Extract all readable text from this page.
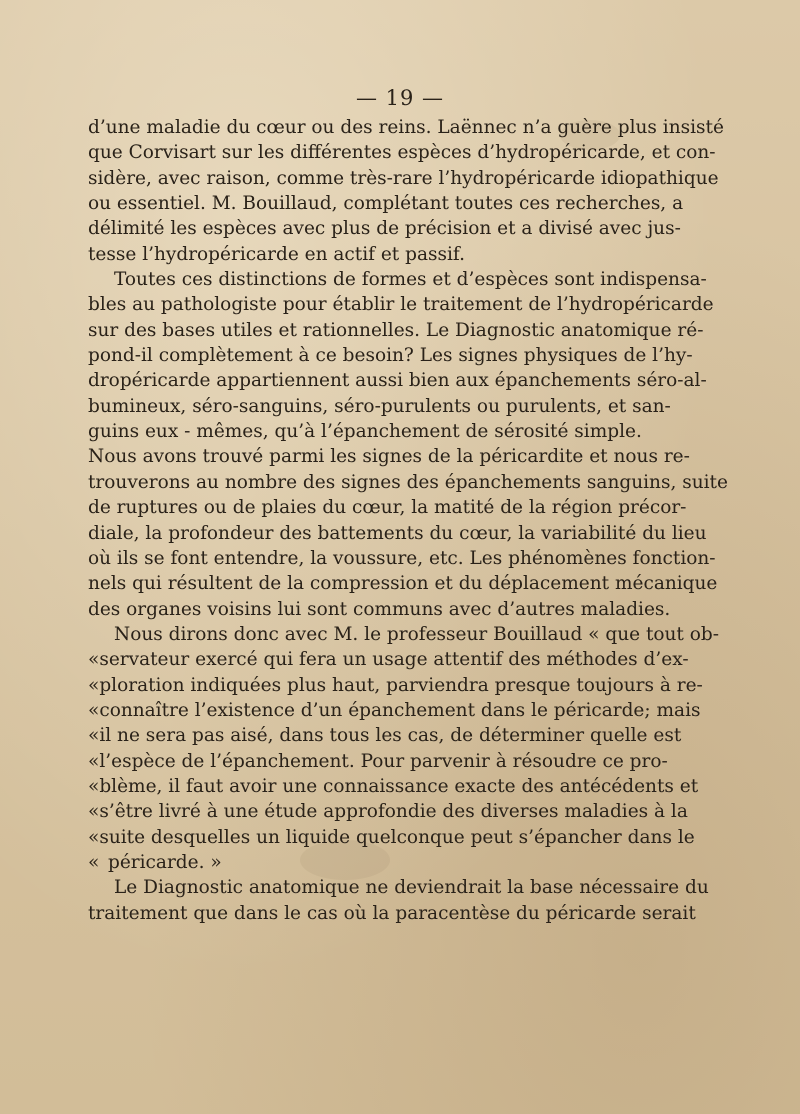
— 19 —
d’une maladie du cœur ou des reins. Laënnec n’a guère plus insisté
que Corvisart sur les différentes espèces d’hydropéricarde, et con-
sidère, avec raison, comme très-rare l’hydropéricarde idiopathique
ou essentiel. M. Bouillaud, complétant toutes ces recherches, a
délimité les espèces avec plus de précision et a divisé avec jus-
tesse l’hydropéricarde en actif et passif.
Toutes ces distinctions de formes et d’espèces sont indispensa-
bles au pathologiste pour établir le traitement de l’hydropéricarde
sur des bases utiles et rationnelles. Le Diagnostic anatomique ré-
pond-il complètement à ce besoin? Les signes physiques de l’hy-
dropéricarde appartiennent aussi bien aux épanchements séro-al-
bumineux, séro-sanguins, séro-purulents ou purulents, et san-
guins eux - mêmes, qu’à l’épanchement de sérosité simple.
Nous avons trouvé parmi les signes de la péricardite et nous re-
trouverons au nombre des signes des épanchements sanguins, suite
de ruptures ou de plaies du cœur, la matité de la région précor-
diale, la profondeur des battements du cœur, la variabilité du lieu
où ils se font entendre, la voussure, etc. Les phénomènes fonction-
nels qui résultent de la compression et du déplacement mécanique
des organes voisins lui sont communs avec d’autres maladies.
Nous dirons donc avec M. le professeur Bouillaud « que tout ob-
« servateur exercé qui fera un usage attentif des méthodes d’ex-
« ploration indiquées plus haut, parviendra presque toujours à re-
« connaître l’existence d’un épanchement dans le péricarde; mais
« il ne sera pas aisé, dans tous les cas, de déterminer quelle est
« l’espèce de l’épanchement. Pour parvenir à résoudre ce pro-
« blème, il faut avoir une connaissance exacte des antécédents et
« s’être livré à une étude approfondie des diverses maladies à la
« suite desquelles un liquide quelconque peut s’épancher dans le
« péricarde. »
Le Diagnostic anatomique ne deviendrait la base nécessaire du
traitement que dans le cas où la paracentèse du péricarde serait
